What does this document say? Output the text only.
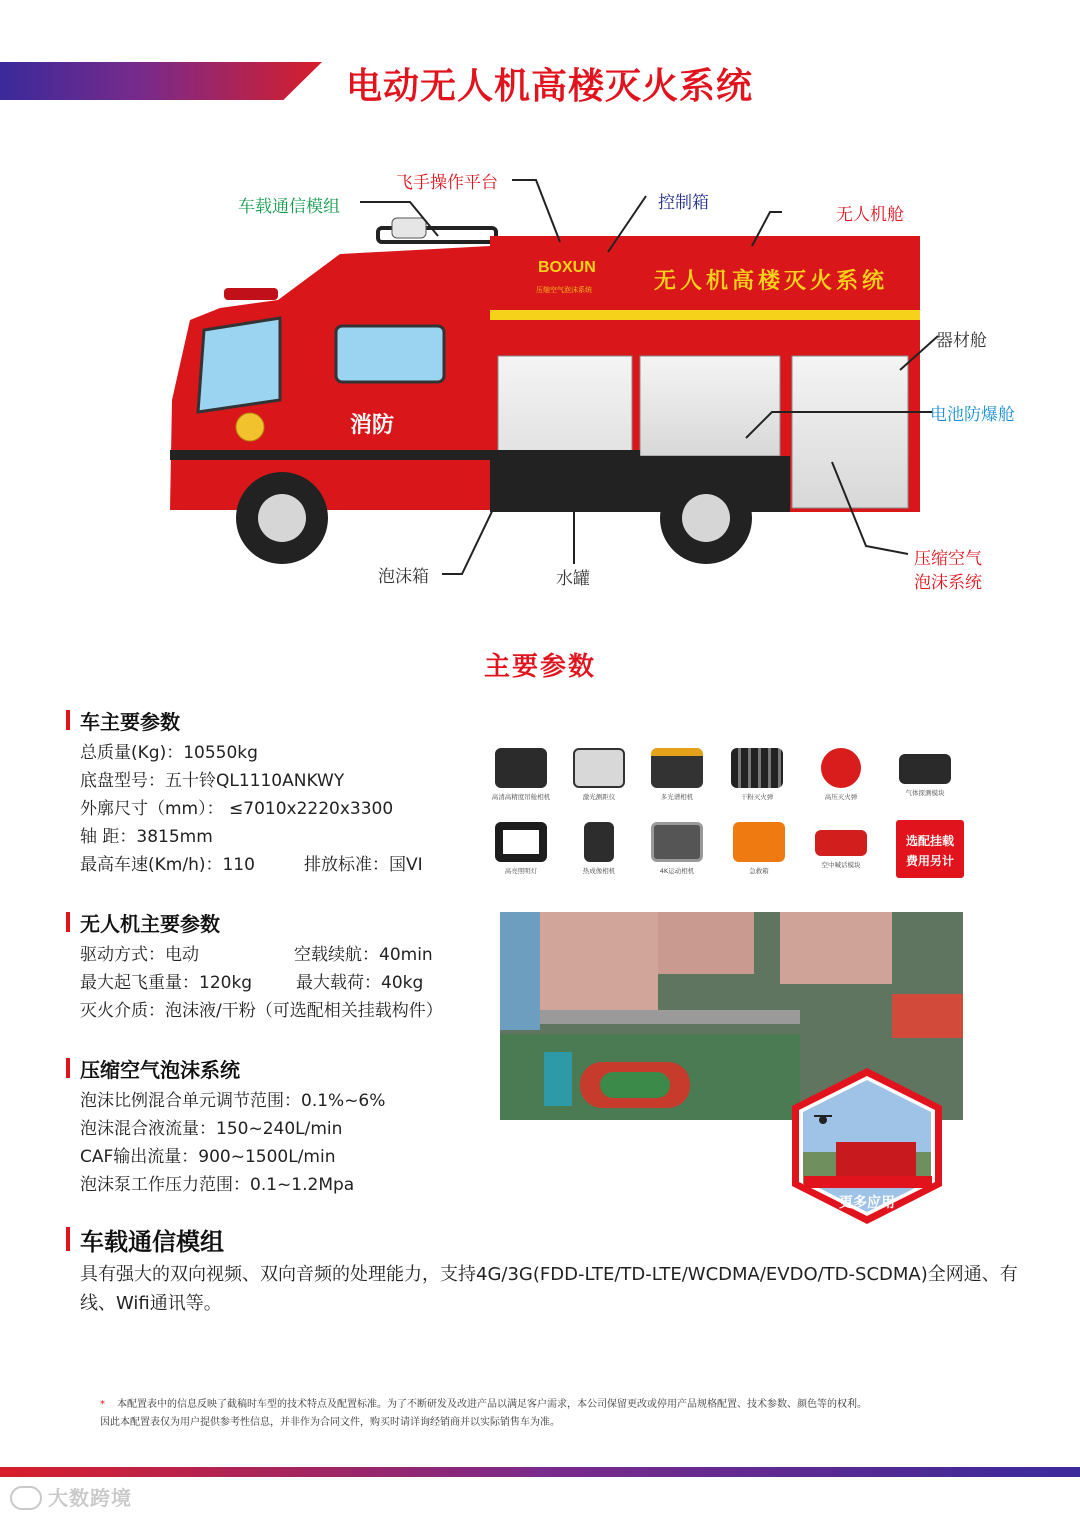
电动无人机高楼灭火系统
消防
BOXUN
压缩空气泡沫系统	无人机高楼灭火系统
车载通信模组
飞手操作平台
控制箱
无人机舱
器材舱
电池防爆舱
泡沫箱	水罐
压缩空气
泡沫系统
主要参数
车主要参数
总质量(Kg)：10550kg
底盘型号：五十铃QL1110ANKWY
外廓尺寸（mm）： ≤7010x2220x3300
轴 距：3815mm
最高车速(Km/h)：110	排放标准：国VI
无人机主要参数
驱动方式：电动	空载续航：40min
最大起飞重量：120kg	最大载荷：40kg
灭火介质：泡沫液/干粉（可选配相关挂载构件）
压缩空气泡沫系统
泡沫比例混合单元调节范围：0.1%~6%
泡沫混合液流量：150~240L/min
CAF输出流量：900~1500L/min
泡沫泵工作压力范围：0.1~1.2Mpa
高清高精度吊舱相机	激光测距仪	多光谱相机	干粉灭火弹	高压灭火弹	气体探测模块
高亮照明灯	热成像相机	4K运动相机	急救箱
空中喊话模块
选配挂载
费用另计
更多应用
车载通信模组
具有强大的双向视频、双向音频的处理能力，支持4G/3G(FDD-LTE/TD-LTE/WCDMA/EVDO/TD-SCDMA)全网通、有线、Wifi通讯等。
* 本配置表中的信息反映了截稿时车型的技术特点及配置标准。为了不断研发及改进产品以满足客户需求，本公司保留更改或停用产品规格配置、技术参数、颜色等的权利。
因此本配置表仅为用户提供参考性信息，并非作为合同文件，购买时请详询经销商并以实际销售车为准。
大数跨境
